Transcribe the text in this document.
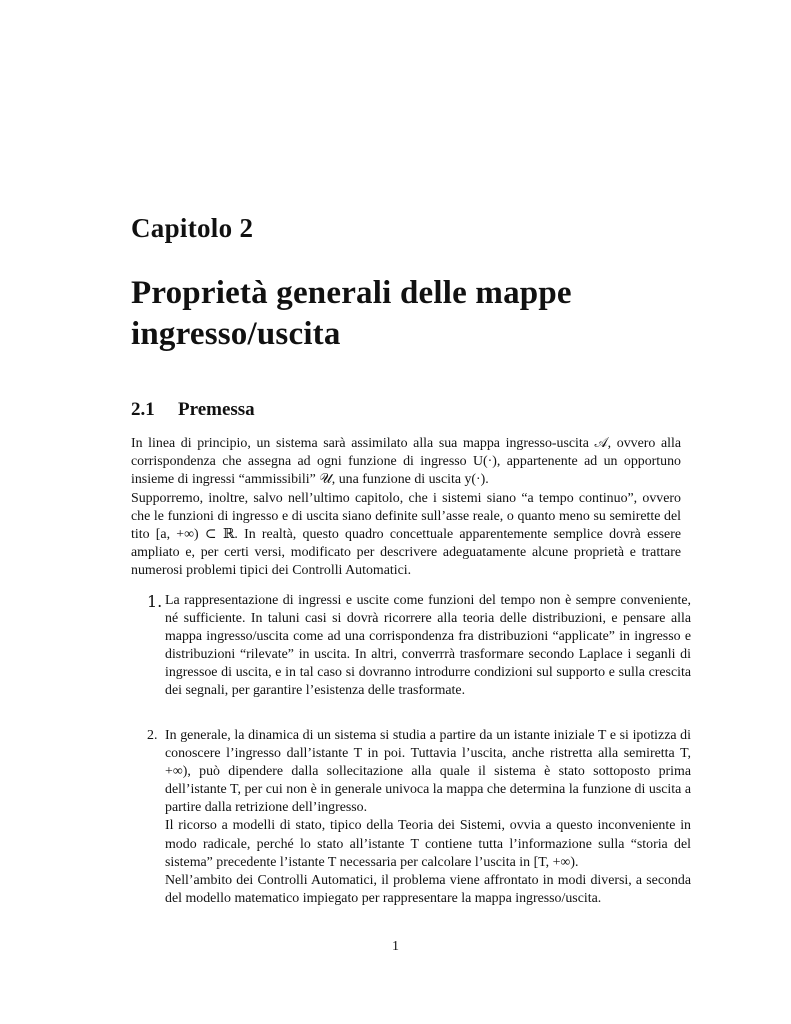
Capitolo 2
Proprietà generali delle mappe
ingresso/uscita
2.1 Premessa

In linea di principio, un sistema sarà assimilato alla sua mappa ingresso-uscita 𝒜, ovvero alla corrispondenza che assegna ad ogni funzione di ingresso U(·), appartenente ad un opportuno insieme di ingressi “ammissibili” 𝒰, una funzione di uscita y(·).

Supporremo, inoltre, salvo nell’ultimo capitolo, che i sistemi siano “a tempo continuo”, ovvero che le funzioni di ingresso e di uscita siano definite sull’asse reale, o quanto meno su semirette del tito [a, +∞) ⊂ ℝ. In realtà, questo quadro concettuale apparentemente semplice dovrà essere ampliato e, per certi versi, modificato per descrivere adeguatamente alcune proprietà e trattare numerosi problemi tipici dei Controlli Automatici.

1. La rappresentazione di ingressi e uscite come funzioni del tempo non è sempre conveniente, né sufficiente. In taluni casi si dovrà ricorrere alla teoria delle distribuzioni, e pensare alla mappa ingresso/uscita come ad una corrispondenza fra distribuzioni “applicate” in ingresso e distribuzioni “rilevate” in uscita. In altri, converrrà trasformare secondo Laplace i seganli di ingressoe di uscita, e in tal caso si dovranno introdurre condizioni sul supporto e sulla crescita dei segnali, per garantire l’esistenza delle trasformate.

2. In generale, la dinamica di un sistema si studia a partire da un istante iniziale T e si ipotizza di conoscere l’ingresso dall’istante T in poi. Tuttavia l’uscita, anche ristretta alla semiretta T, +∞), può dipendere dalla sollecitazione alla quale il sistema è stato sottoposto prima dell’istante T, per cui non è in generale univoca la mappa che determina la funzione di uscita a partire dalla retrizione dell’ingresso.

Il ricorso a modelli di stato, tipico della Teoria dei Sistemi, ovvia a questo inconveniente in modo radicale, perché lo stato all’istante T contiene tutta l’informazione sulla “storia del sistema” precedente l’istante T necessaria per calcolare l’uscita in [T, +∞).

Nell’ambito dei Controlli Automatici, il problema viene affrontato in modi diversi, a seconda del modello matematico impiegato per rappresentare la mappa ingresso/uscita.

1
